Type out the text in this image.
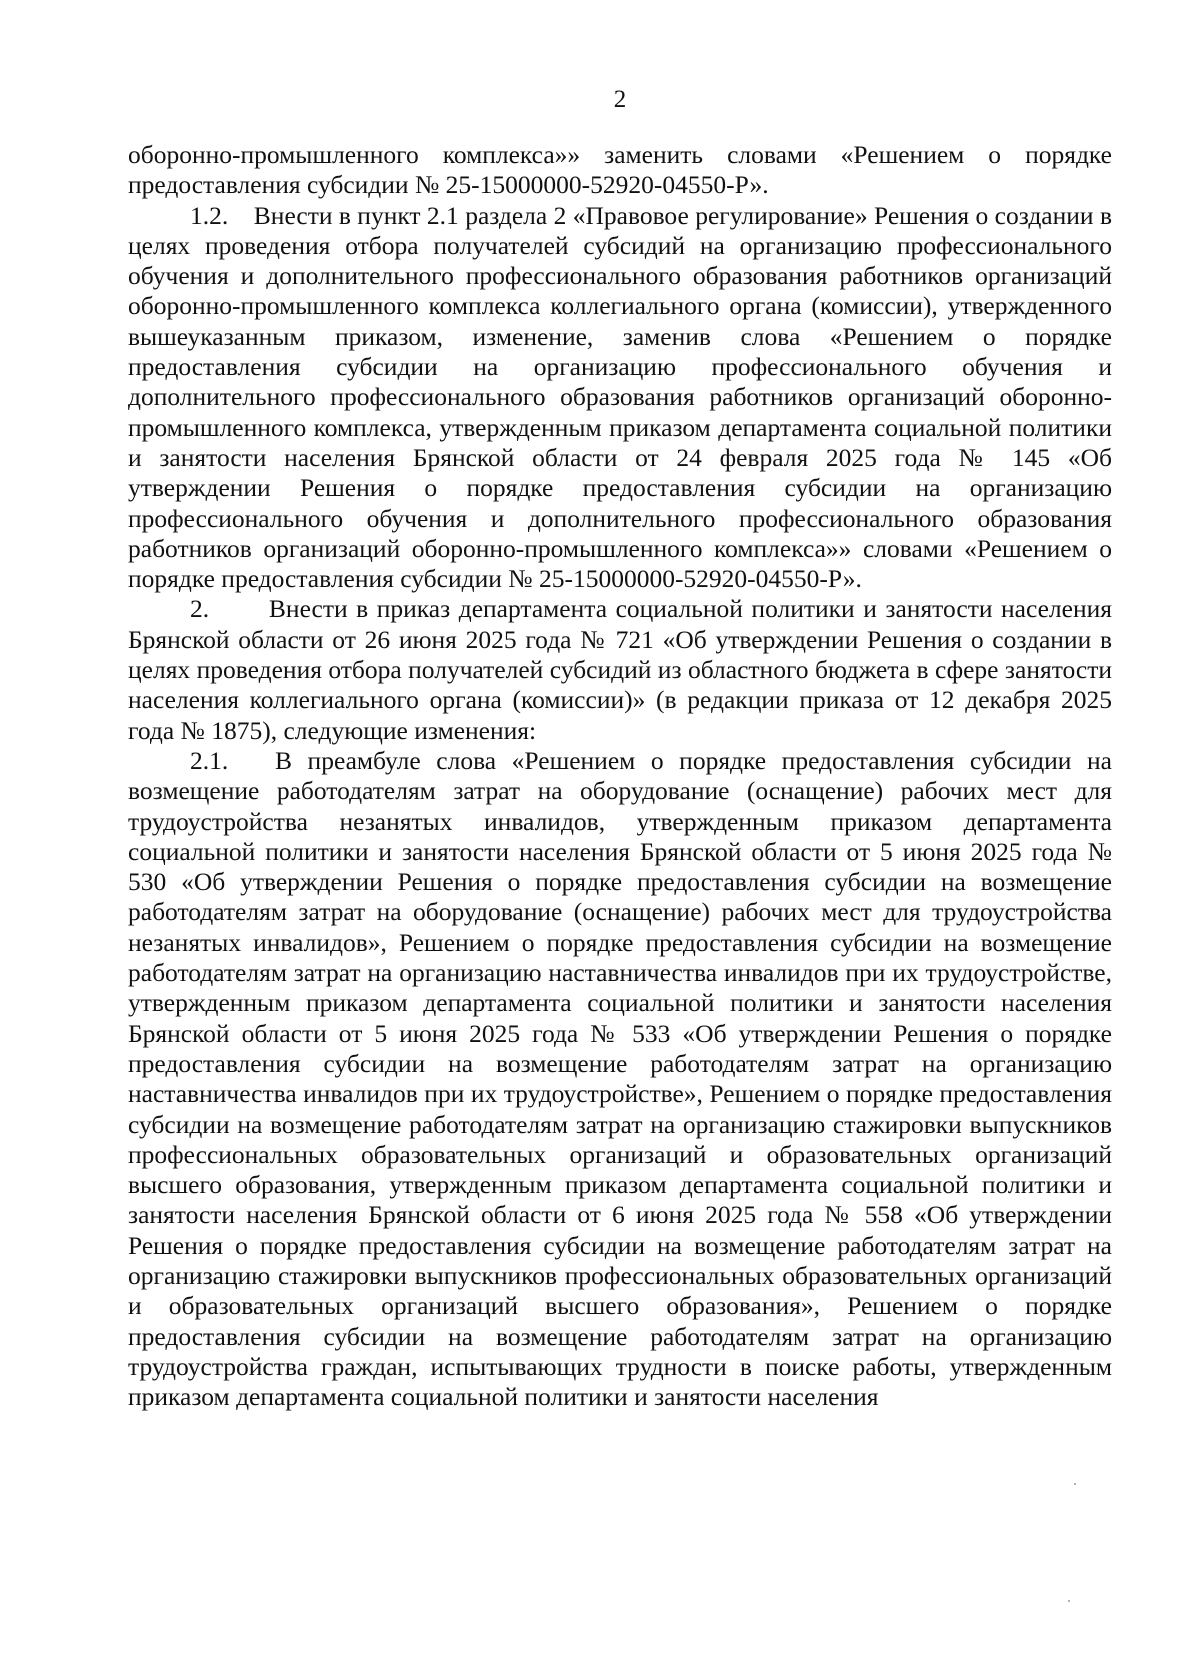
2

оборонно-промышленного комплекса»» заменить словами «Решением о порядке предоставления субсидии № 25-15000000-52920-04550-Р».

1.2.    Внести в пункт 2.1 раздела 2 «Правовое регулирование» Решения о создании в целях проведения отбора получателей субсидий на организацию профессионального обучения и дополнительного профессионального образования работников организаций оборонно-промышленного комплекса коллегиального органа (комиссии), утвержденного вышеуказанным приказом, изменение, заменив слова «Решением о порядке предоставления субсидии на организацию профессионального обучения и дополнительного профессионального образования работников организаций оборонно-промышленного комплекса, утвержденным приказом департамента социальной политики и занятости населения Брянской области от 24 февраля 2025 года № 145 «Об утверждении Решения о порядке предоставления субсидии на организацию профессионального обучения и дополнительного профессионального образования работников организаций оборонно-промышленного комплекса»» словами «Решением о порядке предоставления субсидии № 25-15000000-52920-04550-Р».

2.       Внести в приказ департамента социальной политики и занятости населения Брянской области от 26 июня 2025 года № 721 «Об утверждении Решения о создании в целях проведения отбора получателей субсидий из областного бюджета в сфере занятости населения коллегиального органа (комиссии)» (в редакции приказа от 12 декабря 2025 года № 1875), следующие изменения:

2.1.   В преамбуле слова «Решением о порядке предоставления субсидии на возмещение работодателям затрат на оборудование (оснащение) рабочих мест для трудоустройства незанятых инвалидов, утвержденным приказом департамента социальной политики и занятости населения Брянской области от 5 июня 2025 года № 530 «Об утверждении Решения о порядке предоставления субсидии на возмещение работодателям затрат на оборудование (оснащение) рабочих мест для трудоустройства незанятых инвалидов», Решением о порядке предоставления субсидии на возмещение работодателям затрат на организацию наставничества инвалидов при их трудоустройстве, утвержденным приказом департамента социальной политики и занятости населения Брянской области от 5 июня 2025 года № 533 «Об утверждении Решения о порядке предоставления субсидии на возмещение работодателям затрат на организацию наставничества инвалидов при их трудоустройстве», Решением о порядке предоставления субсидии на возмещение работодателям затрат на организацию стажировки выпускников профессиональных образовательных организаций и образовательных организаций высшего образования, утвержденным приказом департамента социальной политики и занятости населения Брянской области от 6 июня 2025 года № 558 «Об утверждении Решения о порядке предоставления субсидии на возмещение работодателям затрат на организацию стажировки выпускников профессиональных образовательных организаций и образовательных организаций высшего образования», Решением о порядке предоставления субсидии на возмещение работодателям затрат на организацию трудоустройства граждан, испытывающих трудности в поиске работы, утвержденным приказом департамента социальной политики и занятости населения
